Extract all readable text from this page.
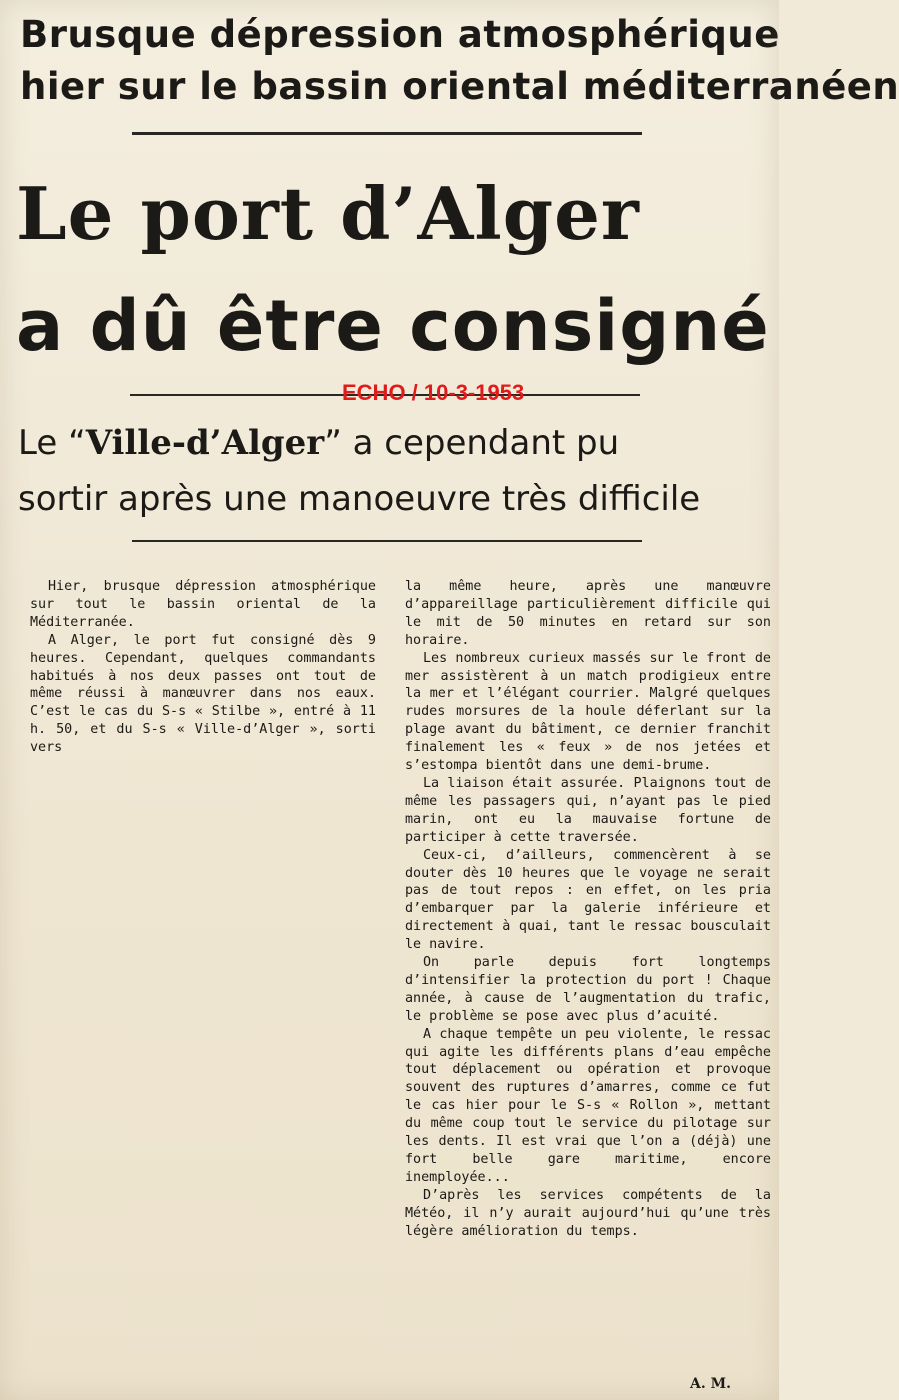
Brusque dépression atmosphérique
hier sur le bassin oriental méditerranéen
Le port d’Alger
a dû être consigné
ECHO / 10-3-1953
Le “Ville-d’Alger” a cependant pu
sortir après une manoeuvre très difficile

Hier, brusque dépression atmosphérique sur tout le bassin oriental de la Méditerranée.

A Alger, le port fut consigné dès 9 heures. Cependant, quelques commandants habitués à nos deux passes ont tout de même réussi à manœuvrer dans nos eaux. C’est le cas du S-s « Stilbe », entré à 11 h. 50, et du S-s « Ville-d’Alger », sorti vers

la même heure, après une manœuvre d’appareillage particulièrement difficile qui le mit de 50 minutes en retard sur son horaire.

Les nombreux curieux massés sur le front de mer assistèrent à un match prodigieux entre la mer et l’élégant courrier. Malgré quelques rudes morsures de la houle déferlant sur la plage avant du bâtiment, ce dernier franchit finalement les « feux » de nos jetées et s’estompa bientôt dans une demi-brume.

La liaison était assurée. Plaignons tout de même les passagers qui, n’ayant pas le pied marin, ont eu la mauvaise fortune de participer à cette traversée.

Ceux-ci, d’ailleurs, commencèrent à se douter dès 10 heures que le voyage ne serait pas de tout repos : en effet, on les pria d’embarquer par la galerie inférieure et directement à quai, tant le ressac bousculait le navire.

On parle depuis fort longtemps d’intensifier la protection du port ! Chaque année, à cause de l’augmentation du trafic, le problème se pose avec plus d’acuité.

A chaque tempête un peu violente, le ressac qui agite les différents plans d’eau empêche tout déplacement ou opération et provoque souvent des ruptures d’amarres, comme ce fut le cas hier pour le S-s « Rollon », mettant du même coup tout le service du pilotage sur les dents. Il est vrai que l’on a (déjà) une fort belle gare maritime, encore inemployée...

D’après les services compétents de la Météo, il n’y aurait aujourd’hui qu’une très légère amélioration du temps.

A. M.
